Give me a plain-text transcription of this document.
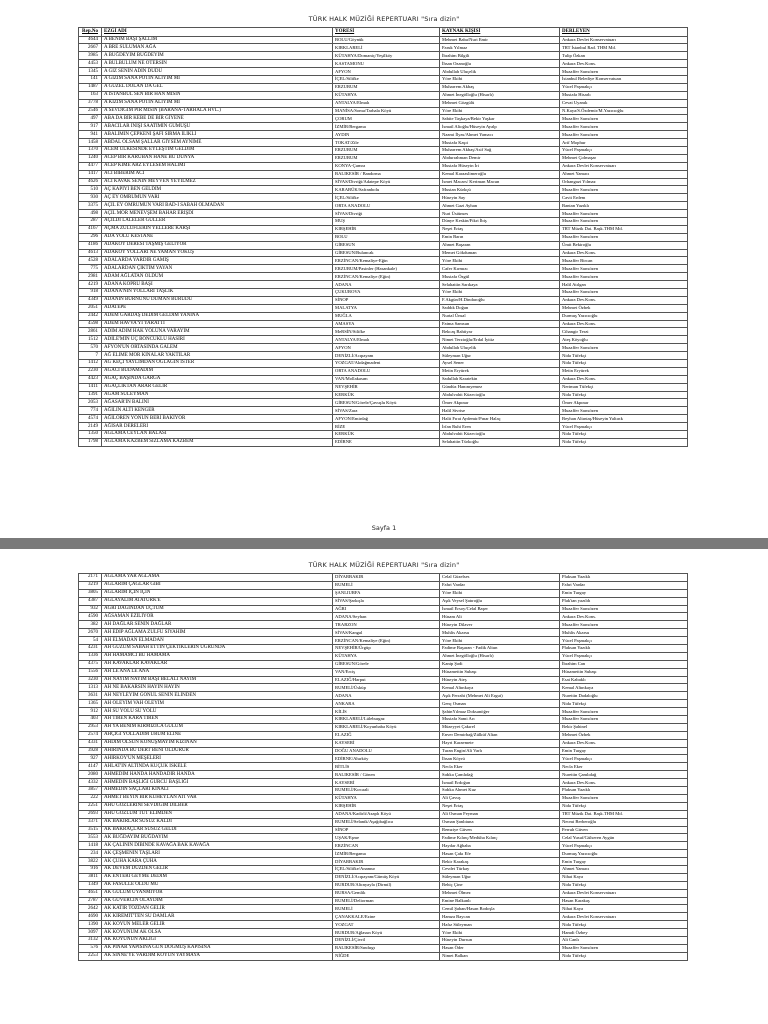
TÜRK HALK MÜZİĞİ REPERTUARI "Sıra dizin"
Rep.No	EZGİ ADI	YÖRESİ	KAYNAK KİŞİSİ	DERLEYEN
4644	A BENİM BAŞI ŞALLIM	BOLU/Göynük	Mehmet Baba/Nuri Emir	Ankara Devlet Konservatuarı
2667	A BRE SULUMAN AĞA	KIRKLARELİ	Faruk Yılmaz	TRT İstanbul Rad. THM Md.
3985	A BUĞDEYİM BUĞDEYİM	KÜTAHYA/Domaniç/Yeşilköy	İbrahim Bilgili	Tulip Özkan
4453	A BÜLBÜLÜM NE ÖTERSİN	KASTAMONU	İhsan Ozanoğlu	Ankara Dev.Kons.
1345	A GIZ SENİN ADIN DUDU	AFYON	Abdullah Uluçelik	Muzaffer Sarısözen
141	A GIZIM SANA POTİN ALIYIM Mİ	İÇEL/Silifke	Yöre Ekibi	İstanbul Belediye Konservatuarı
1487	A GÜZEL DOLAN DA GEL	ERZURUM	Muharrem Akbaş	Yücel Paşmakçı
163	A İSTANBUL SEN BİR HAN MISIN	KÜTAHYA	Ahmet İnegölloğlu (Hisarlı)	Mustafa Hisarlı
3778	A KIZIM SANA POTİN ALIYIM MI	ANTALYA/Elmalı	Mehmet Gözgülü	Cevat Uyanık
2546	A SEVDİĞİM PİR MİSİN (BARANA-TARHALA HVL.)	MANİSA/Soma/Tarhala Köyü	Yöre Ekibi	N.Kaya/S.Özdemir/M.Yazıcıoğlu
497	ABA DA BİR KEBE DE BİR GİYENE	ÇORUM	Sabite Taşkaya/Bekir Yaşkar	Muzaffer Sarısözen
917	ABACILAR İNİŞİ SAATİMİN GÜMÜŞÜ	İZMİR/Bergama	İsmail Alioğlu/Hüseyin Ayalp	Muzaffer Sarısözen
941	ABALIMIN ÇEPKENİ ŞAFİ SIRMA İLİKLİ	AYDIN	Nazmi İlyas/Ahmet Yamacı	Muzaffer Sarısözen
1458	ABDAL OLSAM ŞALLAR GİYSEM AYNIME	TOKAT/Zile	Mustafa Kaşıt	Arif Mophur
1370	ACEM ÜLKESİNDE EYLEŞTİM GELDİM	ERZURUM	Muharrem Akbaş/Asif Sağ	Yücel Paşmakçı
1240	ACEP BİR KARUBAN HANE BU DÜNYA	ERZURUM	Abdurrahman Demir	Mehmet Çolmaşar
4477	ACEP KİME ARZ EYLESEM HALIMİ	KONYA-Çumra	Mustafa Hüseyin İri	Ankara Devlet Konservatuarı
1417	ACI BİBERİM ACI	BALIKESİR / Bandırma	Kemal Karaaslimeroğlu	Ahmet Yamacı
4626	ACI KAVAK SENİN MEYVEN YEYİLMEZ	SİVAS/Divriği/Adatepe Köyü	İsmet Macars/ Keriman Macun	Orhangazi Yılmaz
510	AÇ KAPIYI BEN GELDİM	KARABÜK/Safranbolu	Mustan Kürkçü	Muzaffer Sarısözen
930	AÇ EY ÖMRÜMÜN VARI	İÇEL/Silifke	Hüseyin Say	Cavit Erdem
3375	AÇIL EY ÖMRÜMÜN VARI BAD-I SABAH OLMADAN	ORTA ANADOLU	Ahmet Gazi Ayhan	Bantan Yazıklı
498	AÇIL MOR MENEVŞEM BAHAR ERİŞDİ	SİVAS/Divriği	Nuri Üstünses	Muzaffer Sarısözen
287	AÇILDI LALELER GÜLLER	MUŞ	Dünye Keskin/Fikri İbiş	Muzaffer Sarısözen
4167	AÇMA ZÜLÜFLERİN YELLERE KARŞI	KIRŞEHİR	Neşet Ertaş	TRT Müzik Dai. Başk.THM Md.
296	ADA YOLU KESTANE	BOLU	Emin Barın	Muzaffer Sarısözen
4186	ADAKOY DERESİ TAŞMIŞ GELİYOR	GİRESUN	Ahmet Başaran	Ümit Bekiroğlu
4613	ADAKOY YOLLARI NE YAMAN YOKUŞ	GİRESUN/Bulancak	Memet Gökduman	Ankara Dev.Kons.
4528	ADALARDA YARDIR GAMIŞ	ERZİNCAN/Kemaliye-Eğin	Yöre Ekibi	Muzaffer Bircan
775	ADALARDAN ÇIKTIM YAYAN	ERZURUM/Pasinler (Hasankale)	Cafer Kırmızı	Muzaffer Sarısözen
2981	ADAM AĞLATAN OLDUM	ERZİNCAN/Kemaliye (Eğin)	Mustafa Özgül	Muzaffer Sarısözen
4219	ADANA KÖPRÜ BAŞI	ADANA	Selahattin Sarıkaya	Halil Atılgan
918	ADANA'NIN YOLLARI TAŞLIK	ÇUKUROVA	Yöre Ekibi	Muzaffer Sarısözen
4349	ADANIN BURNUNU DUMAN BÜRÜDÜ	SİNOP	F.Akgün/H.Dindaroğlu	Ankara Dev.Kons.
2051	ADATEPE	MALATYA	Saddık Doğan	Mehmet Özbek
2442	ADEM GARDAŞ DEDİM GELDİM YANINA	MUĞLA	Nurtal Ünsal	Durmuş Yazıcıoğlu
4598	ADEM HAVVA'YI YARATTI	AMASYA	Fatma Samsun	Ankara Dev.Kons.
2861	ADIM ADIM HAK YOLUNA VARAYIM	MeRSİN/Silifke	Bekcaş Bahtiyar	Cihangir Terzi
1512	ADİLE'MİN ÜÇ BONCUKLU HASIRI	ANTALYA/Elmalı	Nimet Terzioğlu/Erdal İyitiz	Ateş Köyoğlu
570	AFYON'UN ORTASINDA GALEM	AFYON	Abdullah Uluçelik	Muzaffer Sarısözen
7	AĞ ELİME MOR KINALAR YAKTILAR	DENİZLİ/Acıpayam	Süleyman Uğur	Nida Tüfekçi
1412	AĞ KEÇİ YAYLIMDAN OĞLAĞIN İSTER	YOZGAT/Akdağmadeni	Aysel Sener	Nida Tüfekçi
2230	AĞACI BUDAMADIM	ORTA ANADOLU	Metin Eryürek	Metin Eryürek
4423	AĞAÇ BAŞINDA GARGA	VAN/Mollakasım	Sadullah Karatekin	Ankara Dev.Kons.
1411	AĞAÇLIKTAN ARAR GELİR	NEVŞEHİR	Gündüz Hanımyemez	Neriman Tüfekçi
1391	AĞAM SÜLEYMAN	KERKÜK	Abdulvahit Küzecioğlu	Nida Tüfekçi
2053	AĞASAR'IN BALINI	GİRESUN/Görele/Çavuşlu Köyü	Ömer Akpınar	Ömer Akpınar
774	AĞILIN ALTI KENGER	SİVAS/Zara	Halil Sivrise	Muzaffer Sarısözen
4574	AĞILÖREN YÖNÜN BERİ BAKIYOR	AFYON/Emirdağ	Halit Fırat Aydemir/Pınar Halaç	Beyhan Altıntaş/Hüseyin Yaltırık
2149	AĞISAR DERELERİ	RİZE	İrfan Ruhi Eren	Yücel Paşmakçı
1350	AĞLAMA CEYLAN BALASI	KERKÜK	Abdulvahit Küzecioğlu	Nida Tüfekçi
1798	AĞLAMA KAZBEM SIZLAMA KAZBEM	EDİRNE	Selahattin Türkoğlu	Nida Tüfekçi
Sayfa 1
TÜRK HALK MÜZİĞİ REPERTUARI "Sıra dizin"
2171	AĞLAMA YAR AĞLAMA	DİYARBAKIR	Celal Güzelses	Plaksan Yazıklı
3219	AĞLARIM ÇAĞLAR GİBİ	RUMELİ	Fahri Vardar	Fahri Vardar
3805	AĞLARIM İÇİN İÇİN	ŞANLIURFA	Yöre Ekibi	Emin Turgay
4387	AĞLAYALIM ATATÜRK'E	SİVAS/Şarkışla	Aşık Veysel Şatıroğlu	Plak'tan yazıldı
932	AĞRI DAĞINDAN UÇTUM	AĞRI	İsmail Ersoy/Celal Başer	Muzaffer Sarısözen
4590	AĞSAMAN EZİLİYOR	ADANA/Seyhan	Hüsam Ali	Ankara Dev.Kons.
382	AH DAĞLAR SENİN DAĞLAR	TRABZON	Hüseyin Dilaver	Muzaffer Sarısözen
2670	AH EDİP AĞLAMA ZÜLFÜ SİYAHIM	SİVAS/Kangal	Muhlis Akarsu	Muhlis Akarsu
54	AH ELMADAN ELMADAN	ERZİNCAN/Kemaliye (Eğin)	Yöre Ekibi	Yücel Paşmakçı
4231	AH GÜZÜM SABAH ETTİN ÇEKTİKLERİN UĞRUNDA	NEVŞEHİR/Ürgüp	Fadime Başaran - Fadik Altun	Plaksan Yazıklı
1336	AH HAMAMCI BU HAMAMA	KÜTAHYA	Ahmet İnegölloğlu (Hisarlı)	Yücel Paşmakçı
4375	AH KAVAKLAR KAVAKLAR	GİRESUN/Görele	Kanip Şadi	İbrahim Can
1556	AH LE ANA LE ANA	VAN/Erciş	Hüsamettin Subaşı	Hüsamettin Subaşı
3230	AH NAYIM NAYIM BAŞI BELALI NAYIM	ELAZIĞ/Harput	Hüseyin Ateş	Esat Kabaklı
1313	AH NE BAKARSIN HAYIN HAYIN	RUMELİ/Üsküp	Kemal Altınkaya	Kemal Altınkaya
3631	AH NEYLEYİM GÖNÜL SENİN ELİNDEN	ADANA	Aşık Ferrahi (Mehmet Ali Ergut)	Nurettin Dadaloğlu
1365	AH OLEYİM VAH OLEYİM	ANKARA	Genç Osman	Nida Tüfekçi
912	AH SU YOLU SU YOLU	KİLİS	ŞahinYılmaz Doksanöğer	Muzaffer Sarısözen
403	AH TİREN KARA TİREN	KIRKLARELİ/Lüleburgaz	Mustafa Sami Arı	Muzaffer Sarısözen
2953	AH YA BENİM KIRMIZICA GÜLÜM	KIRKLARELİ/Koyunbaba Köyü	Müzeyyet Çakırel	Bekir Şahinel
2574	AHÇIĞI YOLLADIM ÜRÜM ELİNE	ELAZIĞ	Enver Demirbağ/Zülküf Altan	Mehmet Özbek
4331	AHDIM OLSUN KONUŞMAYIM KIZINAN	KAYSERİ	Hayri Karaemete	Ankara Dev.Kons.
3928	AHIRINDA BU DERT BENİ ÖLDÜRÜR	DOĞU ANADOLU	Turan Engin/Ali Varlı	Emin Turgay
927	AHIRKOY'ÜN MEŞELERİ	EDİRNE/Ahırköy	İhsan Köyrü	Yücel Paşmakçı
4147	AHLAT'IN ALTINDA KÜÇÜK İSKELE	BİTLİS	Necla Eker	Necla Eker
2080	AHMEDİM HANDA HANDADIR HANDA	BALIKESİR / Gönen	Sıdıka Çamlıdağ	Nurettin Çamlıdağ
4332	AHMEDİN BAŞLIĞI GURCU BAŞLIĞI	KAYSERİ	İsmail Erdoğan	Ankara Dev.Kons.
3857	AHMEDİN SAÇLARI KINALI	RUMELİ/Kırcaali	Sıdıka Ahmet Kuz	Plaksan Yazıklı
222	AHMET BEYİN BİR KUHEYLAN ATI VAR	KÜTAHYA	Ali Çavuş	Muzaffer Sarısözen
2251	AHU GÖZLERİNİ SEVDİĞİM DİLBER	KIRŞEHİR	Neşet Ertaş	Nida Tüfekçi
2693	AHU GÖZLÜM TUT ELİMDEN	ADANA/Kadirli/Azaplı Köyü	Ali Osman Feyman	TRT Müzik Dai. Başk.THM Md.
3371	AK BAKIRLAR SUSUZ KALDI	RUMELİ/Selanik/Aşağıbağlıca	Osman Şanlıtuna	Necmi Berberoğlu
3515	AK BAKRAÇLAR SUSUZ GELDİ	SİNOP	Remziye Güven	Ferruh Güven
3553	AK BUĞDAYIM BUĞDAYIM	UŞAK/Eşme	Fadime Kılınç/Medüha Kılınç	Celal Yusuf/Gülseren Aygün
1418	AK ÇALININ DİBİNDE KAVAĞA BAK KAVAĞA	ERZİNCAN	Haydar Ağbaba	Yücel Paşmakçı
234	AK ÇEŞMENİN TAŞLARI	İZMİR/Bergama	Hasan Çakı Efe	Durmuş Yazıcıoğlu
3822	AK ÇUHA KARA ÇUHA	DİYARBAKIR	Bekir Karakaş	Emin Turgay
916	AK DEVEM DÜZDEN GELİR	İÇEL/Silifke/Anamur	Cevdet Türkay	Ahmet Yamacı
3811	AK ENTERİ GEYME DEDİM	DENİZLİ/Acıpayam/Gümüş Köyü	Süleyman Uğur	Nihat Kaya
1349	AK FASULLE OLDU MU	BURDUR/Altınyayla (Dirmil)	Behiç Çine	Nida Tüfekçi
4651	AK GÜLÜM UYANMIYOR	BURSA/Gemlik	Mehmet Ölmez	Ankara Devlet Konservatuarı
2787	AK GÜVERCİN OLAYDIM	RUMELİ/Deliorman	Emine Balkanlı	Hasan Karakaş
2642	AK KATIR TOZDAN GELİR	RUMELİ	Cemil Şaban/Hasan Bodoşla	Nihat Kaya
4690	AK KİREMİT'TEN SU DAMLAR	ÇANAKKALE/Ezine	Hamza Baycan	Ankara Devlet Konservatuarı
1390	AK KOYUN MELER GELİR	YOZGAT	Hafız Süleyman	Nida Tüfekçi
3097	AK KOYUNUM AK OLSA	BURDUR/Ağlasun Köyü	Yöre Ekibi	Hamdi Özbey
3132	AK KOYUNUN AKLIĞI	DENİZLİ/Çivril	Hüseyin Dursun	Ali Canlı
576	AK PINAR YAPISINA GÜN DOĞMUŞ KAPISINA	BALIKESİR/Sındırgı	Hasan Öder	Muzaffer Sarısözen
2253	AK SİNNE'YE VARDIM KOYUN YAYMAYA	NİĞDE	Nimet Balkan	Nida Tüfekçi
